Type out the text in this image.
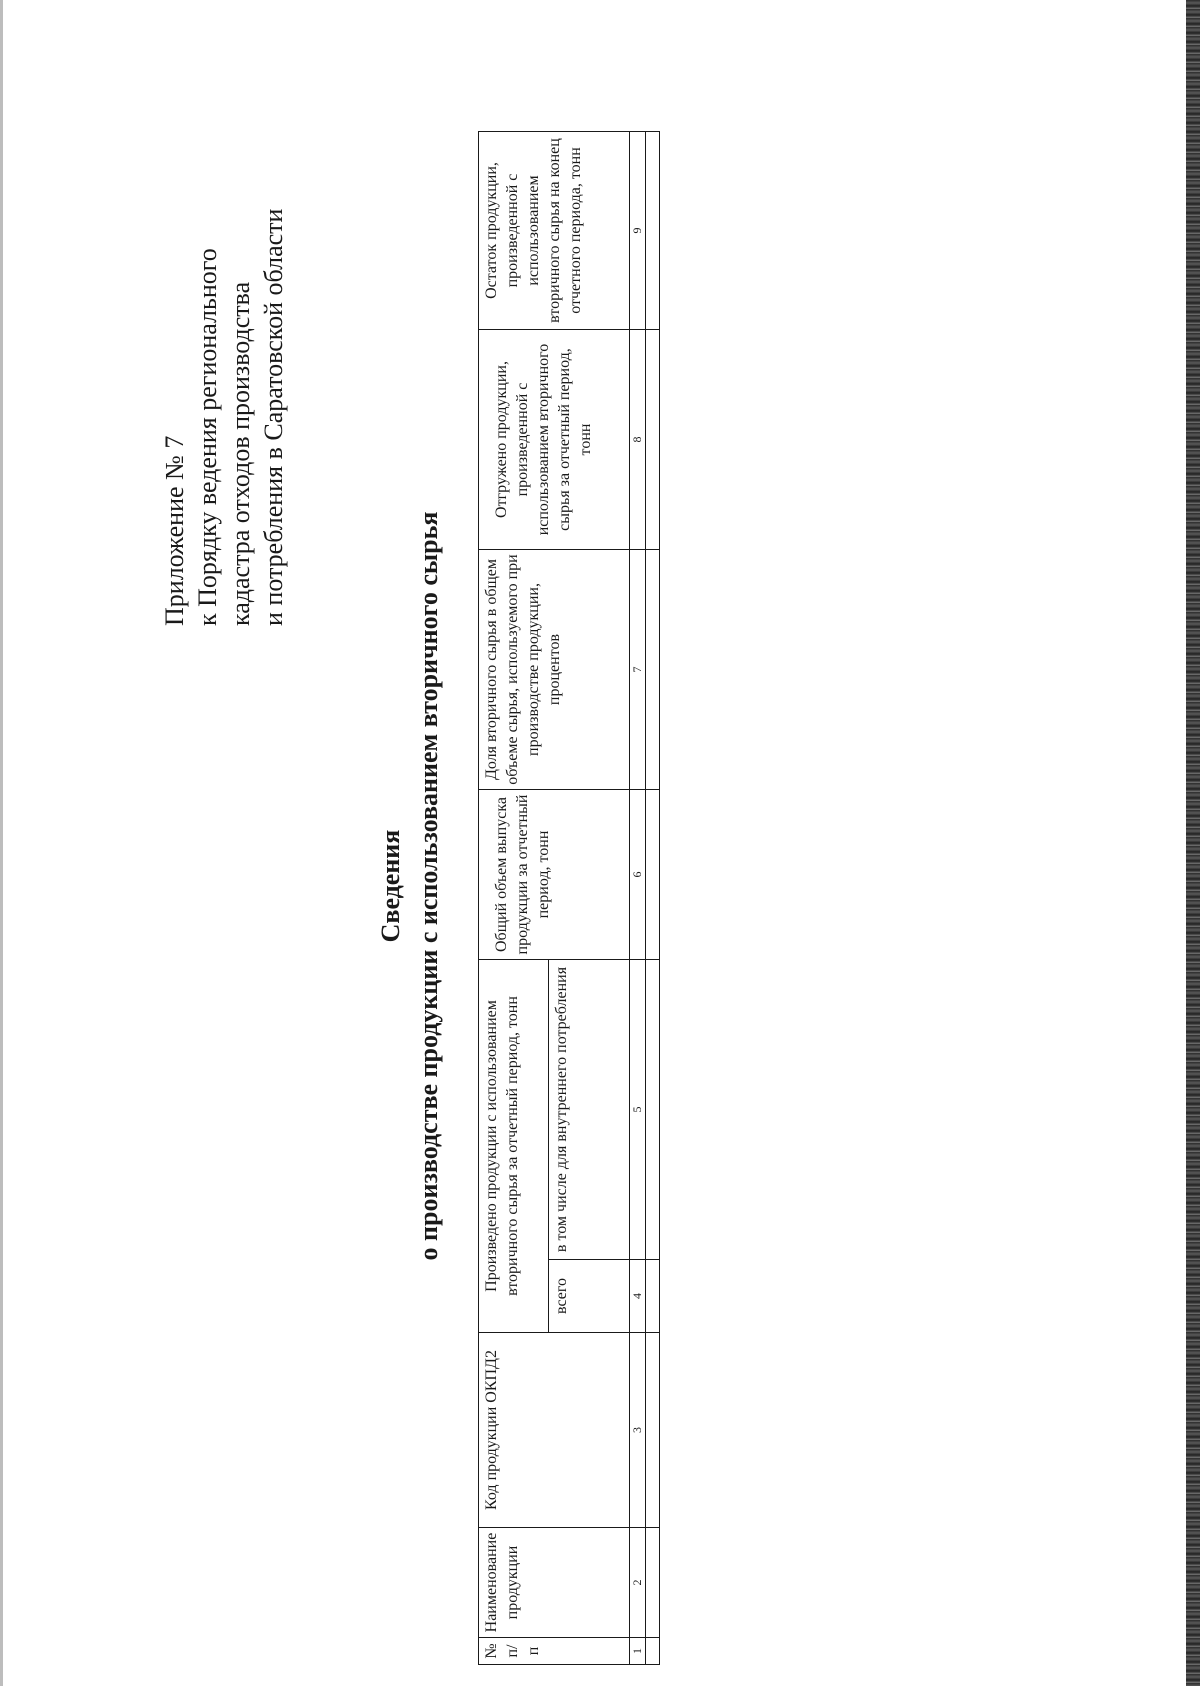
Приложение № 7 к Порядку ведения регионального кадастра отходов производства и потребления в Саратовской области
Сведения о производстве продукции с использованием вторичного сырья
№ п/п	Наименование продукции	Код продукции ОКПД2	Произведено продукции с использованием вторичного сырья за отчетный период, тонн		Общий объем выпуска продукции за отчетный период, тонн	Доля вторичного сырья в общем объеме сырья, используемого при производстве продукции, процентов	Отгружено продукции, произведенной с использованием вторичного сырья за отчетный период, тонн	Остаток продукции, произведенной с использованием вторичного сырья на конец отчетного периода, тонн
			всего	в том числе для внутреннего потребления				
1	2	3	4	5	6	7	8	9
